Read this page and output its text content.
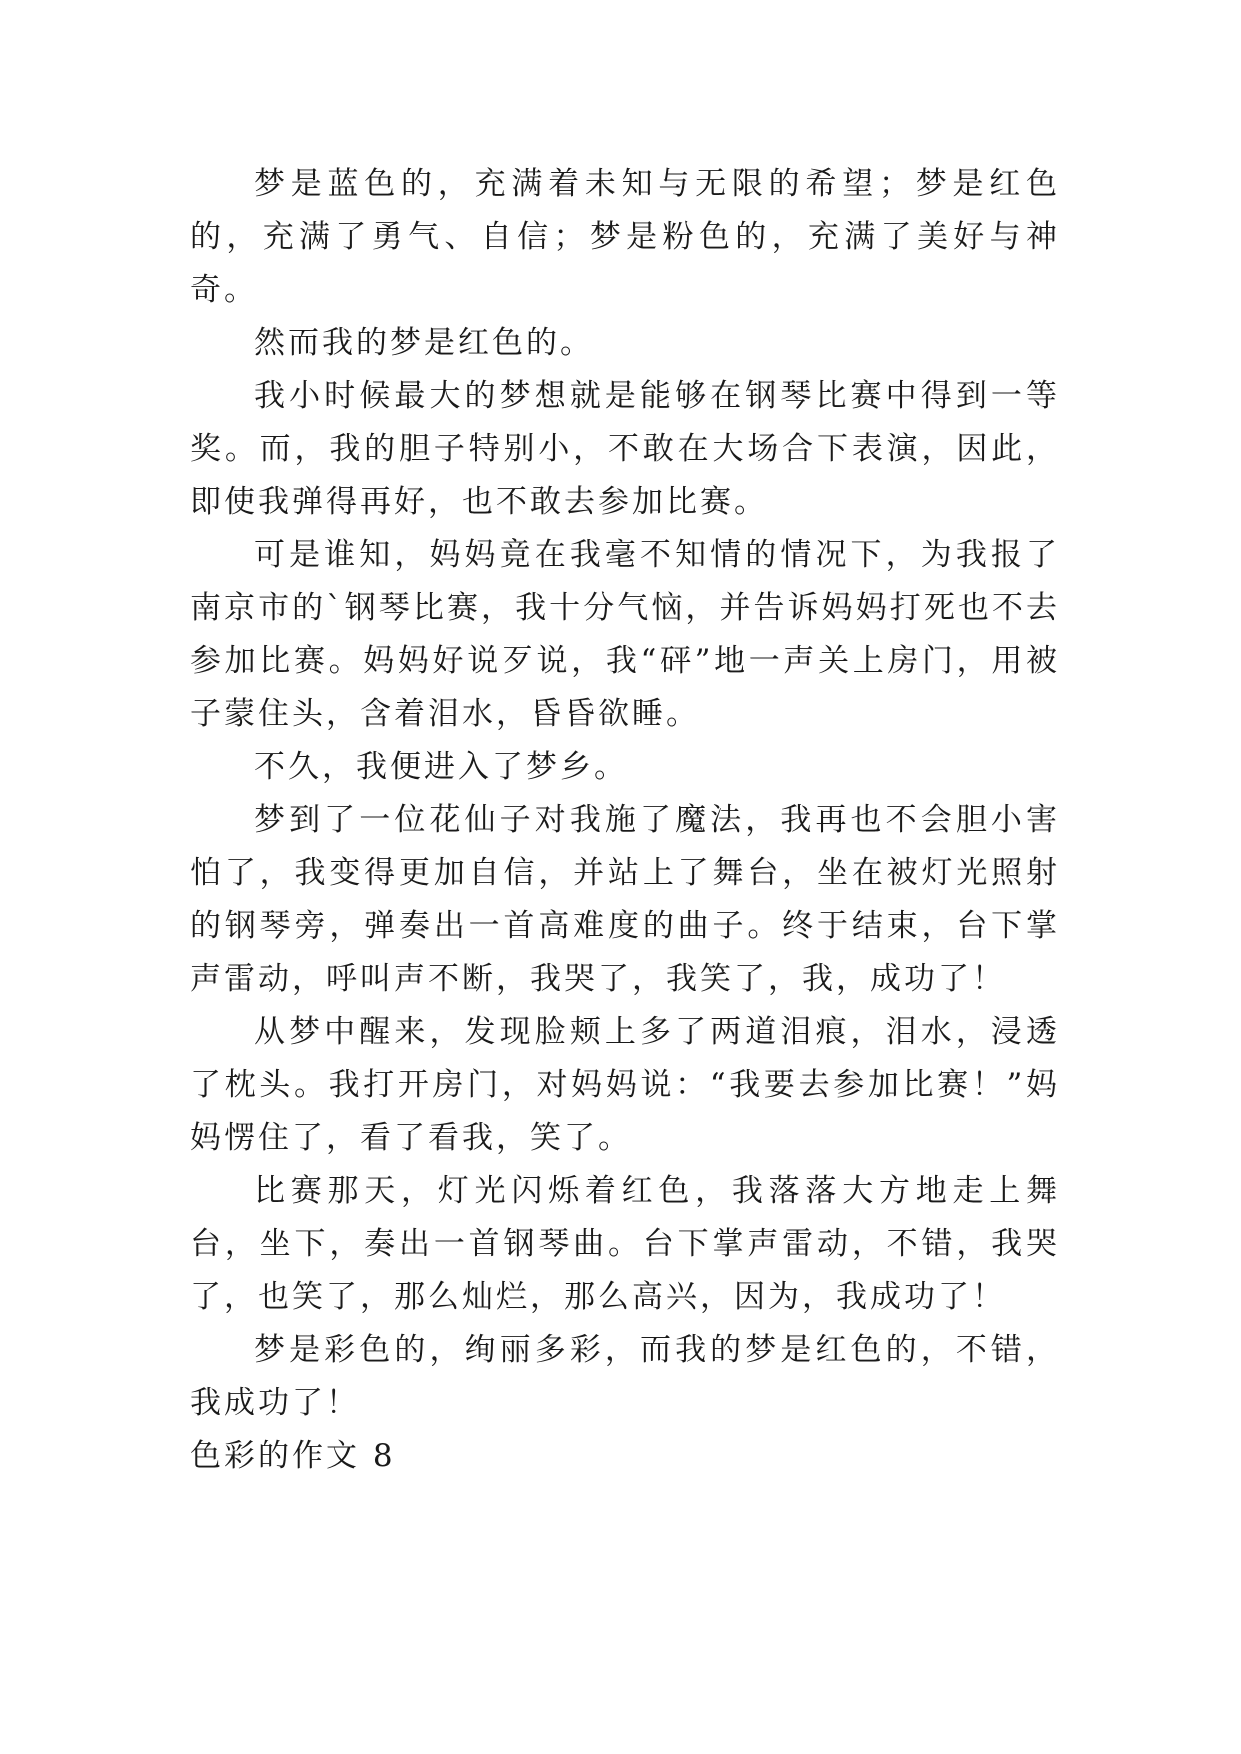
梦是蓝色的，充满着未知与无限的希望；梦是红色的，充满了勇气、自信；梦是粉色的，充满了美好与神奇。

然而我的梦是红色的。

我小时候最大的梦想就是能够在钢琴比赛中得到一等奖。而，我的胆子特别小，不敢在大场合下表演，因此，即使我弹得再好，也不敢去参加比赛。

可是谁知，妈妈竟在我毫不知情的情况下，为我报了南京市的`钢琴比赛，我十分气恼，并告诉妈妈打死也不去参加比赛。妈妈好说歹说，我“砰”地一声关上房门，用被子蒙住头，含着泪水，昏昏欲睡。

不久，我便进入了梦乡。

梦到了一位花仙子对我施了魔法，我再也不会胆小害怕了，我变得更加自信，并站上了舞台，坐在被灯光照射的钢琴旁，弹奏出一首高难度的曲子。终于结束，台下掌声雷动，呼叫声不断，我哭了，我笑了，我，成功了！

从梦中醒来，发现脸颊上多了两道泪痕，泪水，浸透了枕头。我打开房门，对妈妈说：“我要去参加比赛！”妈妈愣住了，看了看我，笑了。

比赛那天，灯光闪烁着红色，我落落大方地走上舞台，坐下，奏出一首钢琴曲。台下掌声雷动，不错，我哭了，也笑了，那么灿烂，那么高兴，因为，我成功了！

梦是彩色的，绚丽多彩，而我的梦是红色的，不错，我成功了！

色彩的作文 8
